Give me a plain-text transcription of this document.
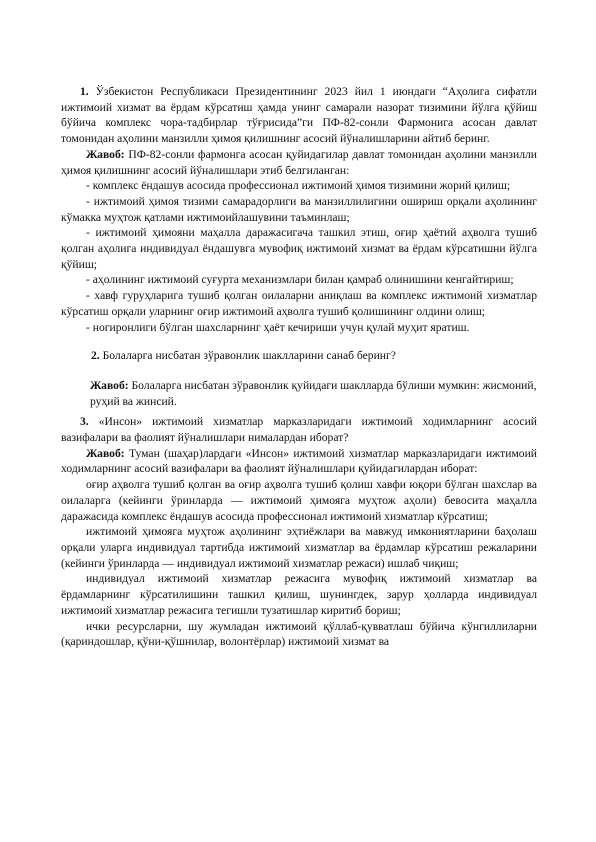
1. Ўзбекистон Республикаси Президентининг 2023 йил 1 июндаги “Аҳолига сифатли ижтимоий хизмат ва ёрдам кўрсатиш ҳамда унинг самарали назорат тизимини йўлга қўйиш бўйича комплекс чора-тадбирлар тўғрисида”ги ПФ-82-сонли Фармонига асосан давлат томонидан аҳолини манзилли ҳимоя қилишнинг асосий йўналишларини айтиб беринг.

Жавоб: ПФ-82-сонли фармонга асосан қуйидагилар давлат томонидан аҳолини манзилли ҳимоя қилишнинг асосий йўналишлари этиб белгиланган:

- комплекс ёндашув асосида профессионал ижтимоий ҳимоя тизимини жорий қилиш;

- ижтимоий ҳимоя тизими самарадорлиги ва манзиллилигини ошириш орқали аҳолининг кўмакка муҳтож қатлами ижтимоийлашувини таъминлаш;

- ижтимоий ҳимояни маҳалла даражасигача ташкил этиш, оғир ҳаётий аҳволга тушиб қолган аҳолига индивидуал ёндашувга мувофиқ ижтимоий хизмат ва ёрдам кўрсатишни йўлга қўйиш;

- аҳолининг ижтимоий суғурта механизмлари билан қамраб олинишини кенгайтириш;

- хавф гуруҳларига тушиб қолган оилаларни аниқлаш ва комплекс ижтимоий хизматлар кўрсатиш орқали уларнинг оғир ижтимоий аҳволга тушиб қолишининг олдини олиш;

- ногиронлиги бўлган шахсларнинг ҳаёт кечириши учун қулай муҳит яратиш.

2. Болаларга нисбатан зўравонлик шаклларини санаб беринг?

Жавоб: Болаларга нисбатан зўравонлик қуйидаги шаклларда бўлиши мумкин: жисмоний, руҳий ва жинсий.

3. «Инсон» ижтимоий хизматлар марказларидаги ижтимоий ходимларнинг асосий вазифалари ва фаолият йўналишлари нималардан иборат?

Жавоб: Туман (шаҳар)лардаги «Инсон» ижтимоий хизматлар марказларидаги ижтимоий ходимларнинг асосий вазифалари ва фаолият йўналишлари қуйидагилардан иборат:

оғир аҳволга тушиб қолган ва оғир аҳволга тушиб қолиш хавфи юқори бўлган шахслар ва оилаларга (кейинги ўринларда — ижтимоий ҳимояга муҳтож аҳоли) бевосита маҳалла даражасида комплекс ёндашув асосида профессионал ижтимоий хизматлар кўрсатиш;

ижтимоий ҳимояга муҳтож аҳолининг эҳтиёжлари ва мавжуд имкониятларини баҳолаш орқали уларга индивидуал тартибда ижтимоий хизматлар ва ёрдамлар кўрсатиш режаларини (кейинги ўринларда — индивидуал ижтимоий хизматлар режаси) ишлаб чиқиш;

индивидуал ижтимоий хизматлар режасига мувофиқ ижтимоий хизматлар ва ёрдамларнинг кўрсатилишини ташкил қилиш, шунингдек, зарур ҳолларда индивидуал ижтимоий хизматлар режасига тегишли тузатишлар киритиб бориш;

ички ресурсларни, шу жумладан ижтимоий қўллаб-қувватлаш бўйича кўнгиллиларни (қариндошлар, қўни-қўшнилар, волонтёрлар) ижтимоий хизмат ва
